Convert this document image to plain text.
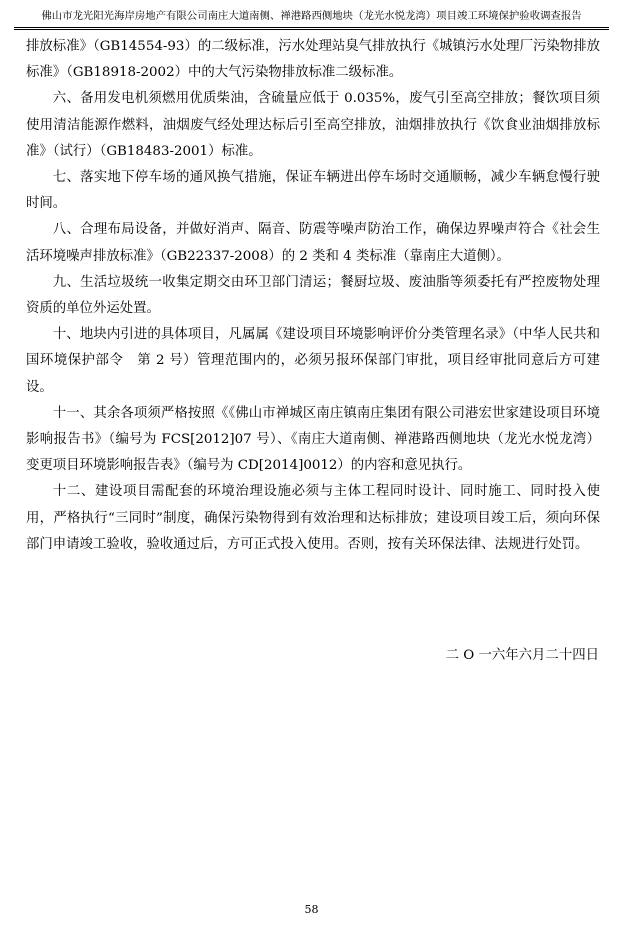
佛山市龙光阳光海岸房地产有限公司南庄大道南侧、禅港路西侧地块（龙光水悦龙湾）项目竣工环境保护验收调查报告

排放标准》（GB14554-93）的二级标准，污水处理站臭气排放执行《城镇污水处理厂污染物排放标准》（GB18918-2002）中的大气污染物排放标准二级标准。

六、备用发电机须燃用优质柴油，含硫量应低于 0.035%，废气引至高空排放；餐饮项目须使用清洁能源作燃料，油烟废气经处理达标后引至高空排放，油烟排放执行《饮食业油烟排放标准》（试行）（GB18483-2001）标准。

七、落实地下停车场的通风换气措施，保证车辆进出停车场时交通顺畅，减少车辆怠慢行驶时间。

八、合理布局设备，并做好消声、隔音、防震等噪声防治工作，确保边界噪声符合《社会生活环境噪声排放标准》（GB22337-2008）的 2 类和 4 类标准（靠南庄大道侧）。

九、生活垃圾统一收集定期交由环卫部门清运；餐厨垃圾、废油脂等须委托有严控废物处理资质的单位外运处置。

十、地块内引进的具体项目，凡属属《建设项目环境影响评价分类管理名录》（中华人民共和国环境保护部令　第 2 号）管理范围内的，必须另报环保部门审批，项目经审批同意后方可建设。

十一、其余各项须严格按照《《佛山市禅城区南庄镇南庄集团有限公司港宏世家建设项目环境影响报告书》（编号为 FCS[2012]07 号）、《南庄大道南侧、禅港路西侧地块（龙光水悦龙湾）变更项目环境影响报告表》（编号为 CD[2014]0012）的内容和意见执行。

十二、建设项目需配套的环境治理设施必须与主体工程同时设计、同时施工、同时投入使用，严格执行“三同时”制度，确保污染物得到有效治理和达标排放；建设项目竣工后，须向环保部门申请竣工验收，验收通过后，方可正式投入使用。否则，按有关环保法律、法规进行处罚。

二 O 一六年六月二十四日
58
